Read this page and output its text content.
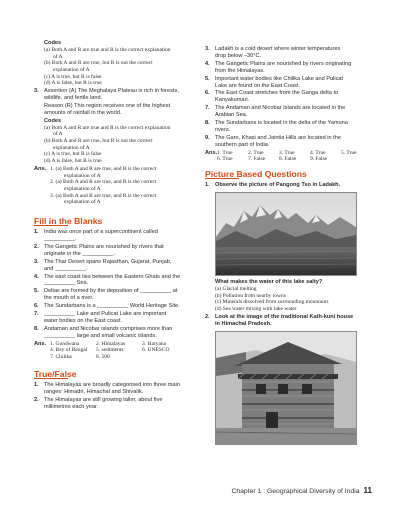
Codes
(a) Both A and R are true and R is the correct explanation
of A
(b) Both A and R are true, but R is not the correct
explanation of A
(c) A is true, but R is false
(d) A is false, but R is true
3. Assertion (A) The Meghalaya Plateau is rich in forests,
wildlife, and fertile land.
Reason (R) This region receives one of the highest
amounts of rainfall in the world.
Codes
(a) Both A and R are true and R is the correct explanation
of A
(b) Both A and R are true, but R is not the correct
explanation of A
(c) A is true, but R is false
(d) A is false, but R is true
Ans. 1. (a) Both A and R are true, and R is the correct
explanation of A
2. (a) Both A and R are true, and R is the correct
explanation of A
3. (a) Both A and R are true, and R is the correct
explanation of A
Fill in the Blanks
1. India was once part of a supercontinent called
__________.
2. The Gangetic Plains are nourished by rivers that
originate in the __________.
3. The Thar Desert spans Rajasthan, Gujarat, Punjab,
and __________.
4. The east coast lies between the Eastern Ghats and the
__________ Sea.
5. Deltas are formed by the deposition of __________ at
the mouth of a river.
6. The Sundarbans is a __________ World Heritage Site.
7. __________ Lake and Pulicat Lake are important
water bodies on the East coast.
8. Andaman and Nicobar islands comprises more than
__________ large and small volcanic islands.
Ans. 1. Gondwana	2. Himalayas	3. Haryana
4. Bay of Bengal	5. sediments	6. UNESCO
7. Chilika	8. 500	
True/False
1. The Himalayas are broadly categorised into three main
ranges: Himadri, Himachal and Shivalik.
2. The Himalayas are still growing taller, about five
millimetres each year.
3. Ladakh is a cold desert where winter temperatures
drop below –30°C.
4. The Gangetic Plains are nourished by rivers originating
from the Himalayas.
5. Important water bodies like Chilika Lake and Pulicat
Lake are found on the East Coast.
6. The East Coast stretches from the Ganga delta to
Kanyakumari.
7. The Andaman and Nicobar Islands are located in the
Arabian Sea.
8. The Sundarbans is located in the delta of the Yamuna
rivers.
9. The Garo, Khasi and Jaintia Hills are located in the
southern part of India.
Ans. 1. True	2. True	3. True	4. True	5. True
6. True	7. False	8. False	9. False	
Picture Based Questions
1. Observe the picture of Pangong Tso in Ladakh.
What makes the water of this lake salty?
(a) Glacial melting
(b) Pollution from nearby towns
(c) Minerals dissolved from surrounding mountains
(d) Sea water mixing with lake water
2. Look at the image of the traditional Kath-kuni house
in Himachal Pradesh.
Chapter 1 : Geographical Diversity of India 11
